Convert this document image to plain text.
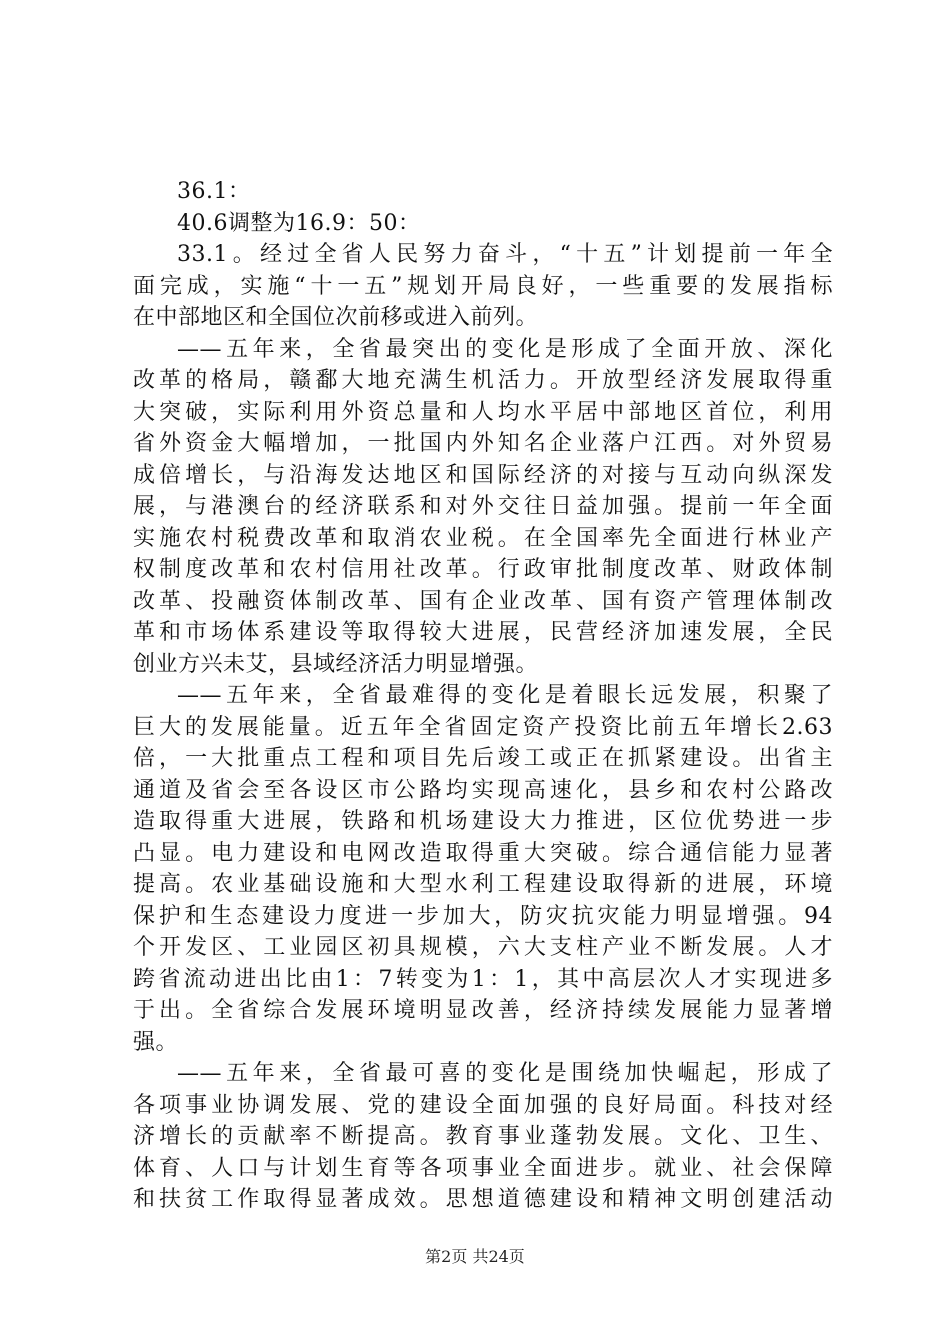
36.1：
40.6调整为16.9：50：
33.1。经过全省人民努力奋斗，“十五”计划提前一年全
面完成，实施“十一五”规划开局良好，一些重要的发展指标
在中部地区和全国位次前移或进入前列。
——五年来，全省最突出的变化是形成了全面开放、深化
改革的格局，赣鄱大地充满生机活力。开放型经济发展取得重
大突破，实际利用外资总量和人均水平居中部地区首位，利用
省外资金大幅增加，一批国内外知名企业落户江西。对外贸易
成倍增长，与沿海发达地区和国际经济的对接与互动向纵深发
展，与港澳台的经济联系和对外交往日益加强。提前一年全面
实施农村税费改革和取消农业税。在全国率先全面进行林业产
权制度改革和农村信用社改革。行政审批制度改革、财政体制
改革、投融资体制改革、国有企业改革、国有资产管理体制改
革和市场体系建设等取得较大进展，民营经济加速发展，全民
创业方兴未艾，县域经济活力明显增强。
——五年来，全省最难得的变化是着眼长远发展，积聚了
巨大的发展能量。近五年全省固定资产投资比前五年增长2.63
倍，一大批重点工程和项目先后竣工或正在抓紧建设。出省主
通道及省会至各设区市公路均实现高速化，县乡和农村公路改
造取得重大进展，铁路和机场建设大力推进，区位优势进一步
凸显。电力建设和电网改造取得重大突破。综合通信能力显著
提高。农业基础设施和大型水利工程建设取得新的进展，环境
保护和生态建设力度进一步加大，防灾抗灾能力明显增强。94
个开发区、工业园区初具规模，六大支柱产业不断发展。人才
跨省流动进出比由1：7转变为1：1，其中高层次人才实现进多
于出。全省综合发展环境明显改善，经济持续发展能力显著增
强。
——五年来，全省最可喜的变化是围绕加快崛起，形成了
各项事业协调发展、党的建设全面加强的良好局面。科技对经
济增长的贡献率不断提高。教育事业蓬勃发展。文化、卫生、
体育、人口与计划生育等各项事业全面进步。就业、社会保障
和扶贫工作取得显著成效。思想道德建设和精神文明创建活动
第2页 共24页
